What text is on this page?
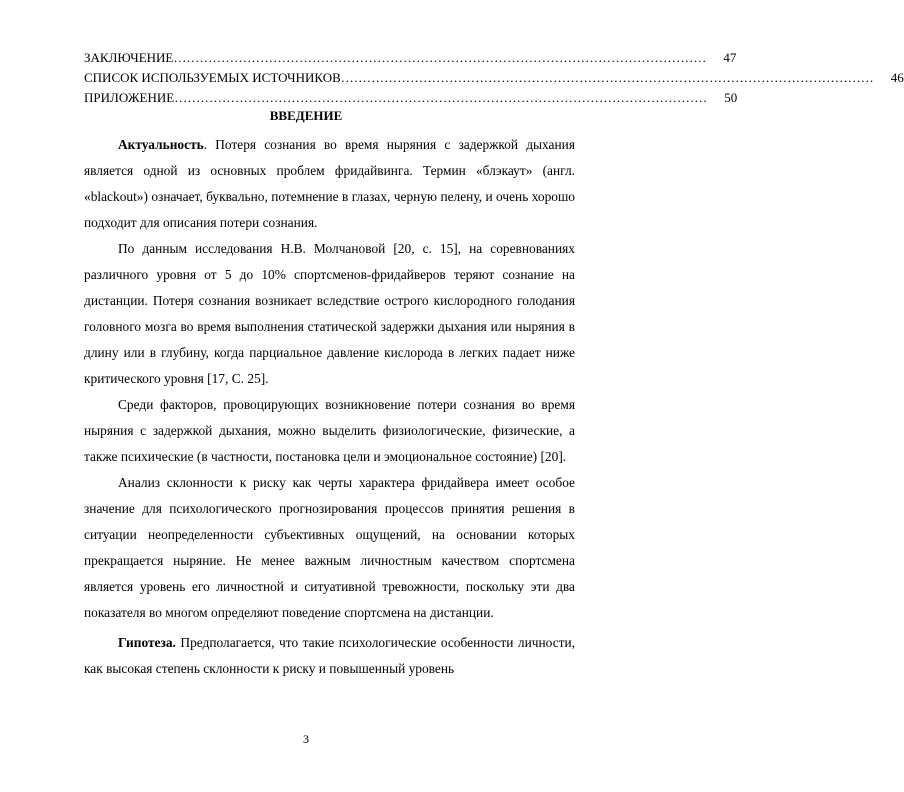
ЗАКЛЮЧЕНИЕ ……………………………………………………………………………………………………………	47
СПИСОК ИСПОЛЬЗУЕМЫХ ИСТОЧНИКОВ ……………………………………………………………………………………………………………	46
ПРИЛОЖЕНИЕ ……………………………………………………………………………………………………………	50
ВВЕДЕНИЕ

Актуальность. Потеря сознания во время ныряния с задержкой дыхания является одной из основных проблем фридайвинга. Термин «блэкаут» (англ. «blackout») означает, буквально, потемнение в глазах, черную пелену, и очень хорошо подходит для описания потери сознания.

По данным исследования Н.В. Молчановой [20, с. 15], на соревнованиях различного уровня от 5 до 10% спортсменов-фридайверов теряют сознание на дистанции. Потеря сознания возникает вследствие острого кислородного голодания головного мозга во время выполнения статической задержки дыхания или ныряния в длину или в глубину, когда парциальное давление кислорода в легких падает ниже критического уровня [17, С. 25].

Среди факторов, провоцирующих возникновение потери сознания во время ныряния с задержкой дыхания, можно выделить физиологические, физические, а также психические (в частности, постановка цели и эмоциональное состояние) [20].

Анализ склонности к риску как черты характера фридайвера имеет особое значение для психологического прогнозирования процессов принятия решения в ситуации неопределенности субъективных ощущений, на основании которых прекращается ныряние. Не менее важным личностным качеством спортсмена является уровень его личностной и ситуативной тревожности, поскольку эти два показателя во многом определяют поведение спортсмена на дистанции.

Гипотеза. Предполагается, что такие психологические особенности личности, как высокая степень склонности к риску и повышенный уровень

3
